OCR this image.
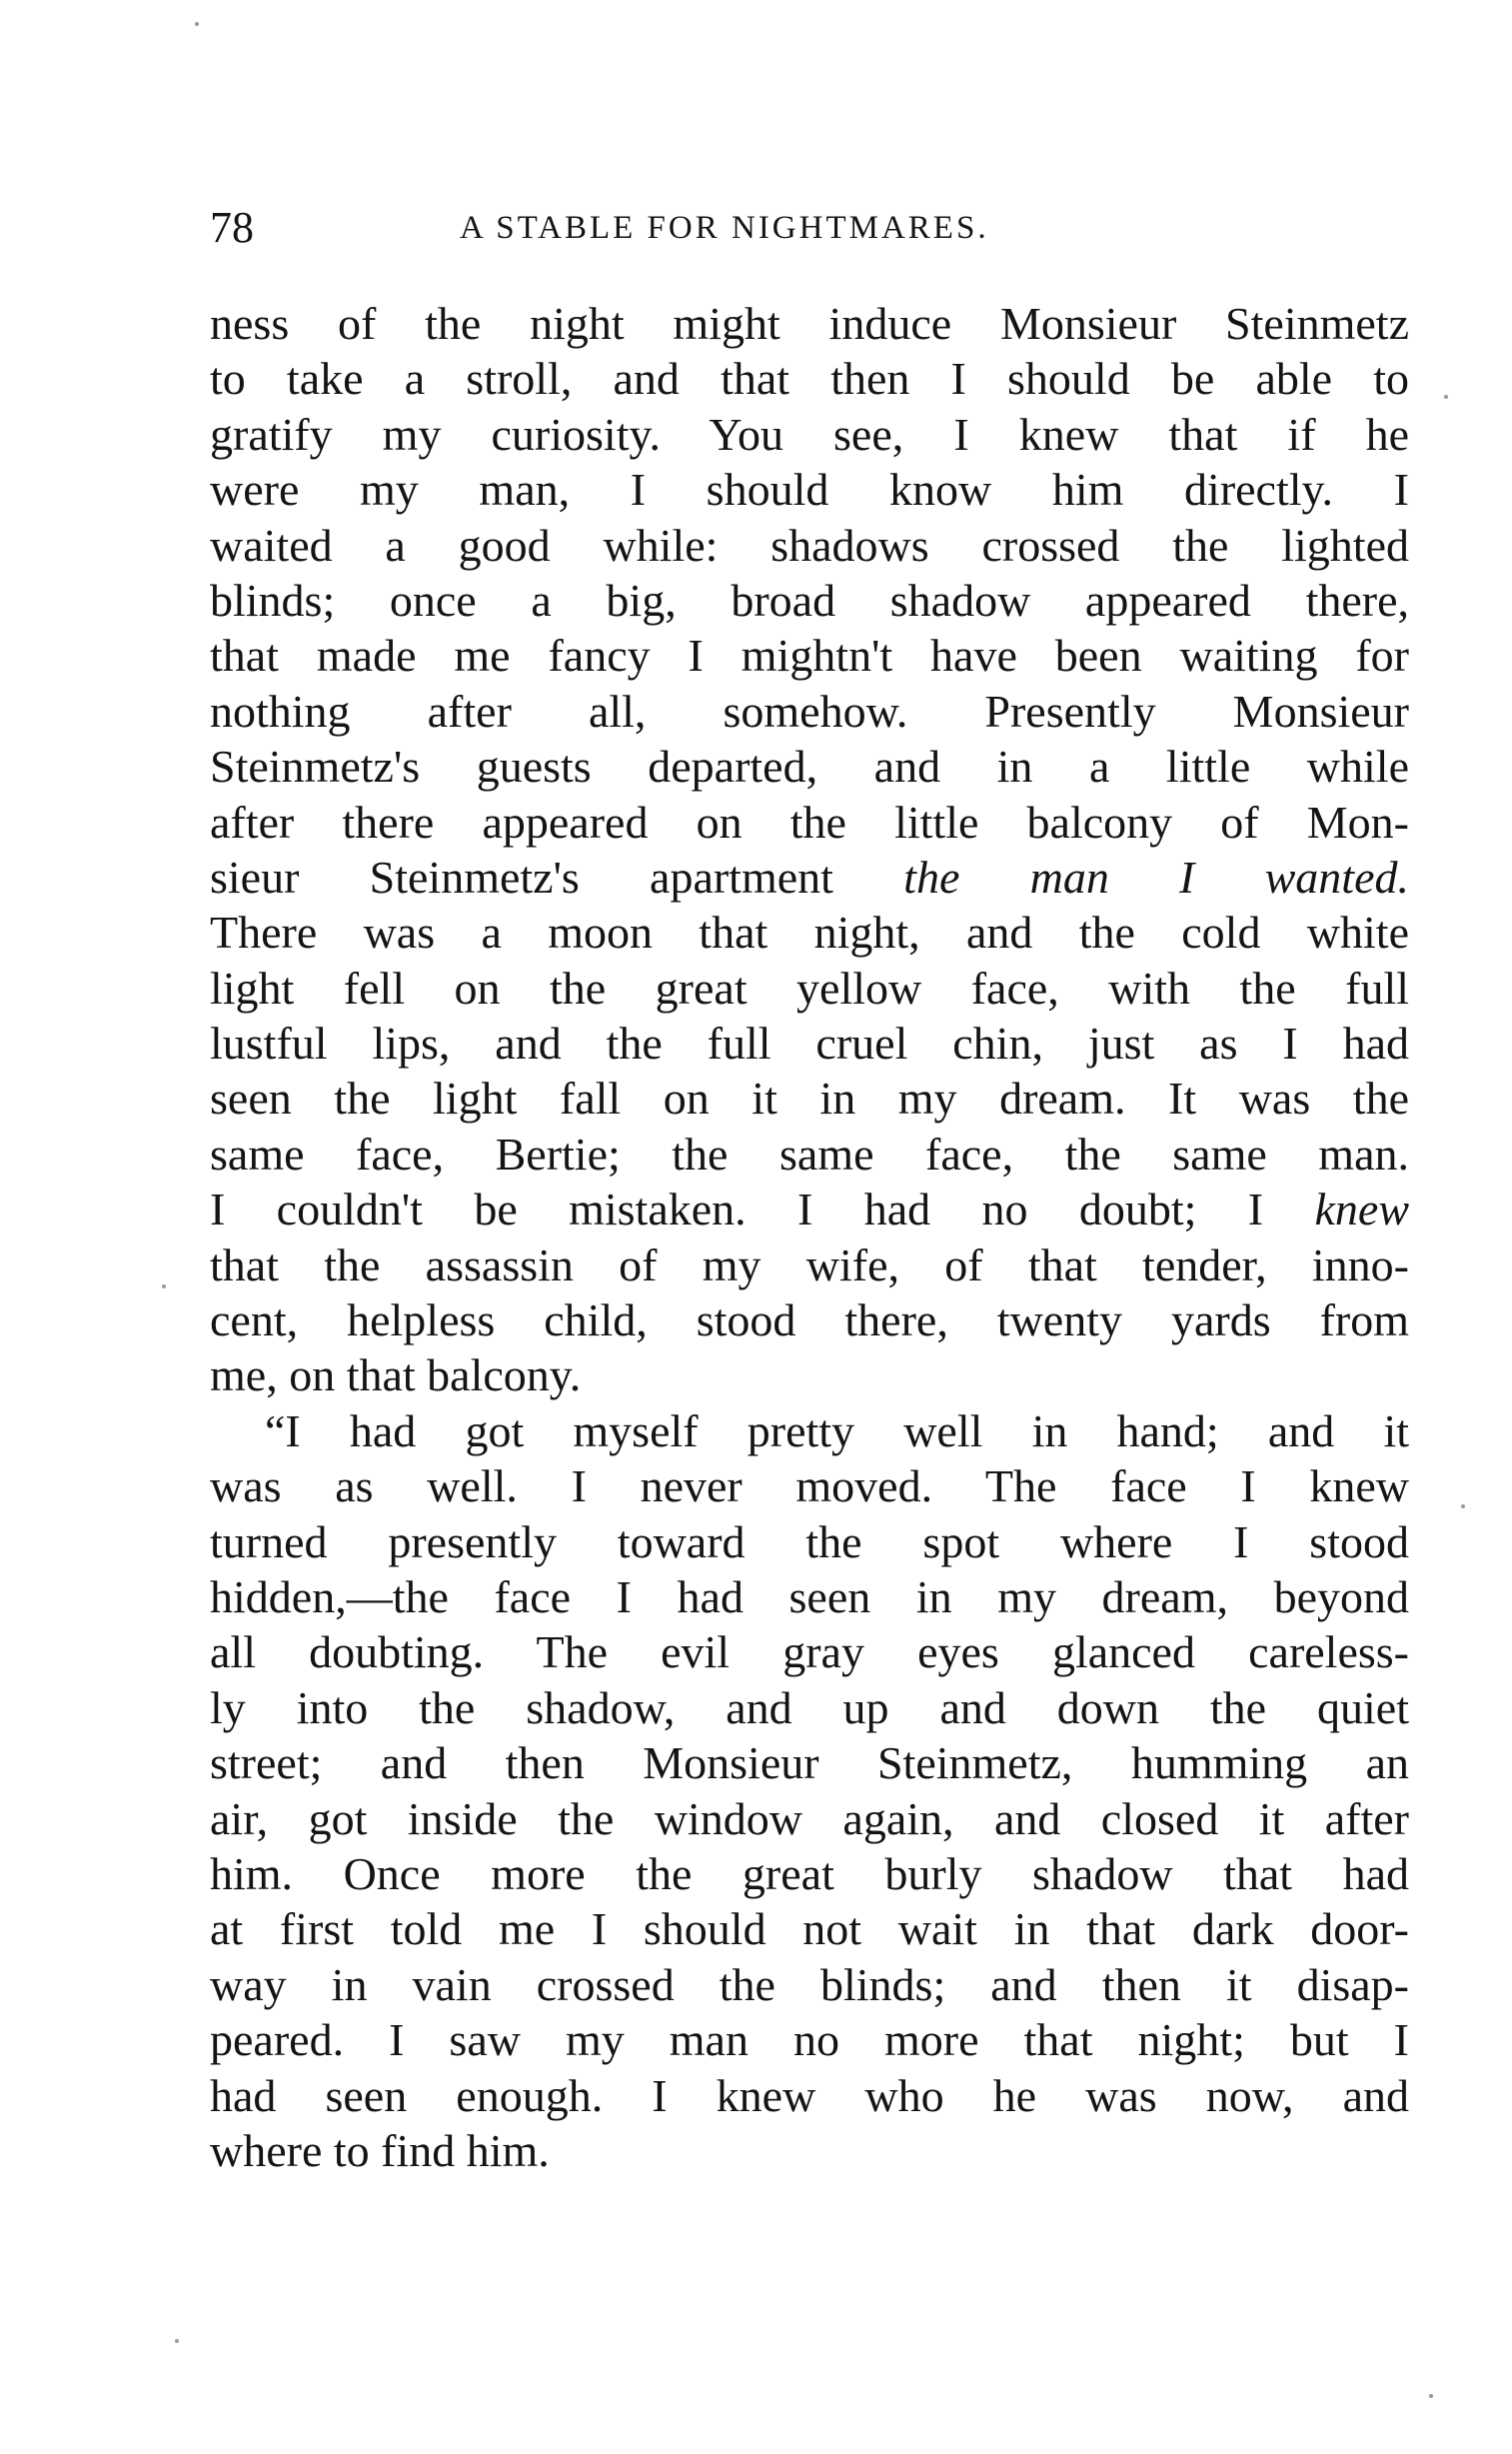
78	A STABLE FOR NIGHTMARES.
ness of the night might induce Monsieur Steinmetz
to take a stroll, and that then I should be able to
gratify my curiosity. You see, I knew that if he
were my man, I should know him directly. I
waited a good while: shadows crossed the lighted
blinds; once a big, broad shadow appeared there,
that made me fancy I mightn't have been waiting for
nothing after all, somehow. Presently Monsieur
Steinmetz's guests departed, and in a little while
after there appeared on the little balcony of Mon-
sieur Steinmetz's apartment the man I wanted.
There was a moon that night, and the cold white
light fell on the great yellow face, with the full
lustful lips, and the full cruel chin, just as I had
seen the light fall on it in my dream. It was the
same face, Bertie; the same face, the same man.
I couldn't be mistaken. I had no doubt; I knew
that the assassin of my wife, of that tender, inno-
cent, helpless child, stood there, twenty yards from
me, on that balcony.
“I had got myself pretty well in hand; and it
was as well. I never moved. The face I knew
turned presently toward the spot where I stood
hidden,—the face I had seen in my dream, beyond
all doubting. The evil gray eyes glanced careless-
ly into the shadow, and up and down the quiet
street; and then Monsieur Steinmetz, humming an
air, got inside the window again, and closed it after
him. Once more the great burly shadow that had
at first told me I should not wait in that dark door-
way in vain crossed the blinds; and then it disap-
peared. I saw my man no more that night; but I
had seen enough. I knew who he was now, and
where to find him.
